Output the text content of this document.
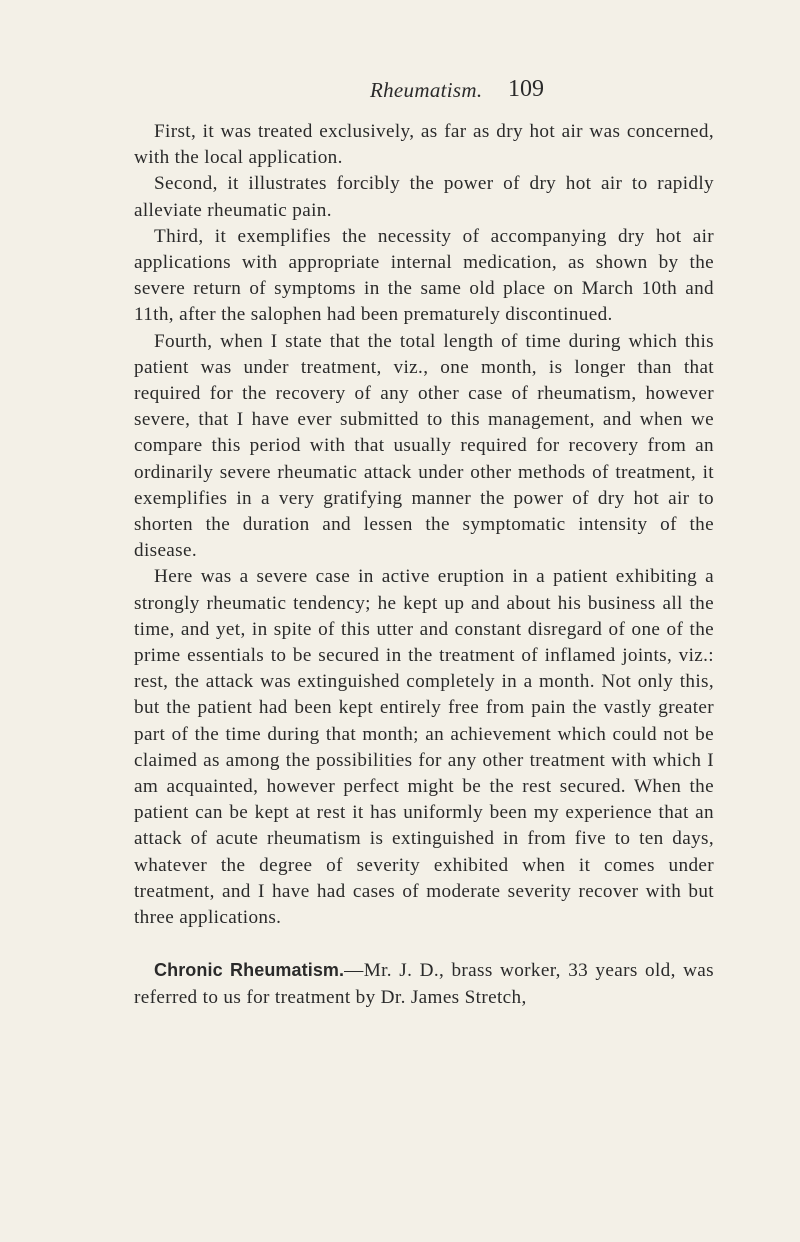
Rheumatism. 109

First, it was treated exclusively, as far as dry hot air was concerned, with the local application.

Second, it illustrates forcibly the power of dry hot air to rapidly alleviate rheumatic pain.

Third, it exemplifies the necessity of accompanying dry hot air applications with appropriate internal medication, as shown by the severe return of symptoms in the same old place on March 10th and 11th, after the salophen had been prematurely discontinued.

Fourth, when I state that the total length of time during which this patient was under treatment, viz., one month, is longer than that required for the recovery of any other case of rheumatism, however severe, that I have ever submitted to this management, and when we compare this period with that usually required for recovery from an ordinarily severe rheumatic attack under other methods of treatment, it exemplifies in a very gratifying manner the power of dry hot air to shorten the duration and lessen the symptomatic intensity of the disease.

Here was a severe case in active eruption in a patient exhibiting a strongly rheumatic tendency; he kept up and about his business all the time, and yet, in spite of this utter and constant disregard of one of the prime essentials to be secured in the treatment of inflamed joints, viz.: rest, the attack was extinguished completely in a month. Not only this, but the patient had been kept entirely free from pain the vastly greater part of the time during that month; an achievement which could not be claimed as among the possibilities for any other treatment with which I am acquainted, however perfect might be the rest secured. When the patient can be kept at rest it has uniformly been my experience that an attack of acute rheumatism is extinguished in from five to ten days, whatever the degree of severity exhibited when it comes under treatment, and I have had cases of moderate severity recover with but three applications.

Chronic Rheumatism.—Mr. J. D., brass worker, 33 years old, was referred to us for treatment by Dr. James Stretch,
